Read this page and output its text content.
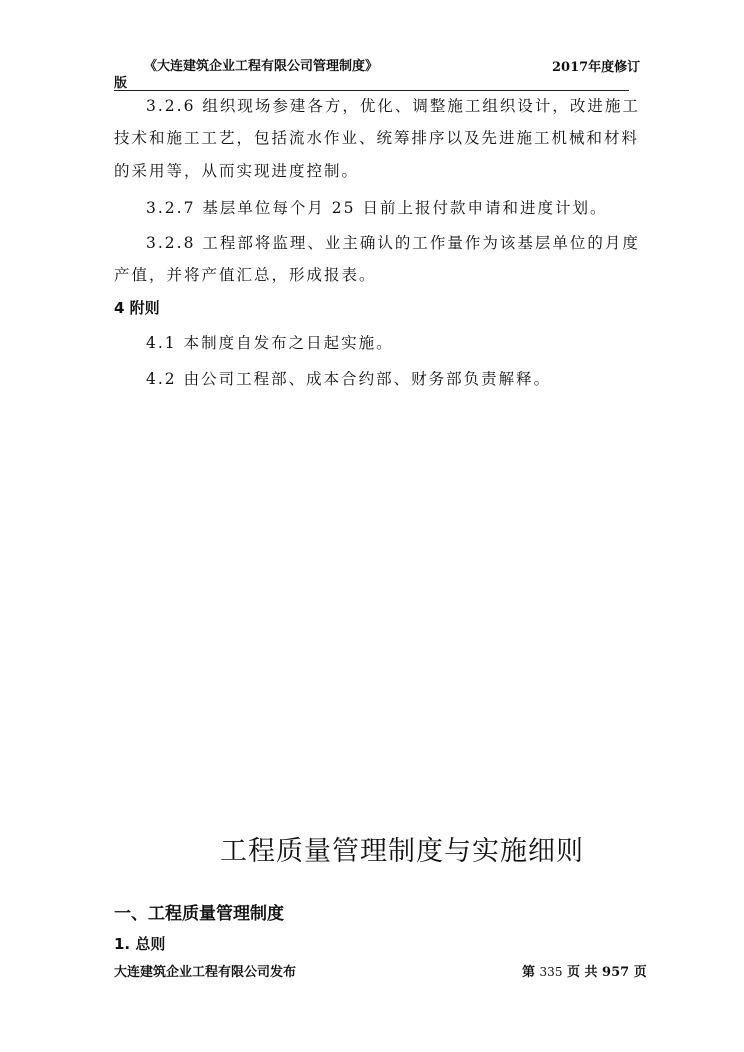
《大连建筑企业工程有限公司管理制度》	2017年度修订
版
3.2.6 组织现场参建各方，优化、调整施工组织设计，改进施工
技术和施工工艺，包括流水作业、统筹排序以及先进施工机械和材料
的采用等，从而实现进度控制。
3.2.7 基层单位每个月 25 日前上报付款申请和进度计划。
3.2.8 工程部将监理、业主确认的工作量作为该基层单位的月度
产值，并将产值汇总，形成报表。
4 附则
4.1 本制度自发布之日起实施。
4.2 由公司工程部、成本合约部、财务部负责解释。
工程质量管理制度与实施细则
一、工程质量管理制度
1. 总则
大连建筑企业工程有限公司发布	第 335 页 共 957 页
